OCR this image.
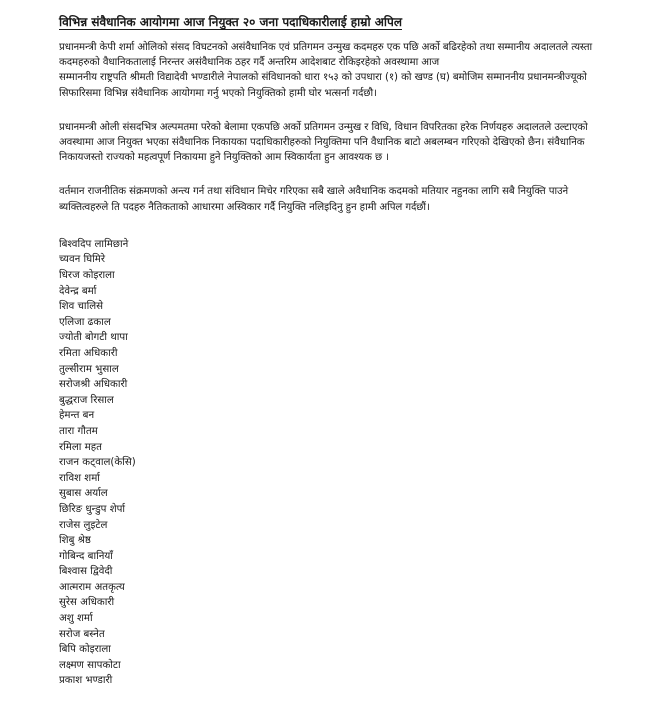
विभिन्न संवैधानिक आयोगमा आज नियुक्त २० जना पदाधिकारीलाई हाम्रो अपिल

प्रधानमन्त्री केपी शर्मा ओलिको संसद विघटनको असंवैधानिक एवं प्रतिगमन उन्मुख कदमहरु एक पछि अर्को बढिरहेको तथा सम्मानीय अदालतले त्यस्ता कदमहरुको वैधानिकतालाई निरन्तर असंवैधानिक ठहर गर्दै अन्तरिम आदेशबाट रोकिइरहेको अवस्थामा आज

सम्माननीय राष्ट्रपति श्रीमती विद्यादेवी भण्डारीले नेपालको संविधानको धारा १५३ को उपधारा (१) को खण्ड (घ) बमोजिम सम्माननीय प्रधानमन्त्रीज्यूको सिफारिसमा विभिन्न संवैधानिक आयोगमा गर्नु भएको नियुक्तिको हामी घोर भत्सर्ना गर्दछौ।

प्रधानमन्त्री ओली संसदभित्र अल्पमतमा परेको बेलामा एकपछि अर्को प्रतिगमन उन्मुख र विधि, विधान विपरितका हरेक निर्णयहरु अदालतले उल्टाएको अवस्थामा आज नियुक्त भएका संवैधानिक निकायका पदाधिकारीहरुको नियुक्तिमा पनि वैधानिक बाटो अबलम्बन गरिएको देखिएको छैन। संवैधानिक निकायजस्तो राज्यको महत्वपूर्ण निकायमा हुने नियुक्तिको आम स्विकार्यता हुन आवश्यक छ ।

वर्तमान राजनीतिक संक्रमणको अन्त्य गर्न तथा संविधान मिचेर गरिएका सबै खाले अवैधानिक कदमको मतियार नहुनका लागि सबै नियुक्ति पाउने ब्यक्तित्वहरुले ति पदहरु नैतिकताको आधारमा अस्विकार गर्दै नियुक्ति नलिइदिनु हुन हामी अपिल गर्दछौं।

बिश्वदिप लामिछाने
च्यवन घिमिरे
धिरज कोइराला
देवेन्द्र बर्मा
शिव चालिसे
एलिजा ढकाल
ज्योती बोगटी थापा
रमिता अधिकारी
तुल्सीराम भुसाल
सरोजश्री अधिकारी
बुद्धराज रिसाल
हेमन्त बन
तारा गौतम
रमिला महत
राजन कट्‌वाल(केसि)
राविश शर्मा
सुबास अर्याल
छिरिङ धुन्डुप शेर्पा
राजेस लुइटेल
शिबु श्रेष्ठ
गोबिन्द बानियाँ
बिश्वास द्विवेदी
आत्मराम अतकृत्य
सुरेस अधिकारी
अशु शर्मा
सरोज बस्नेत
बिपि कोइराला
लक्ष्मण सापकोटा
प्रकाश भण्डारी
